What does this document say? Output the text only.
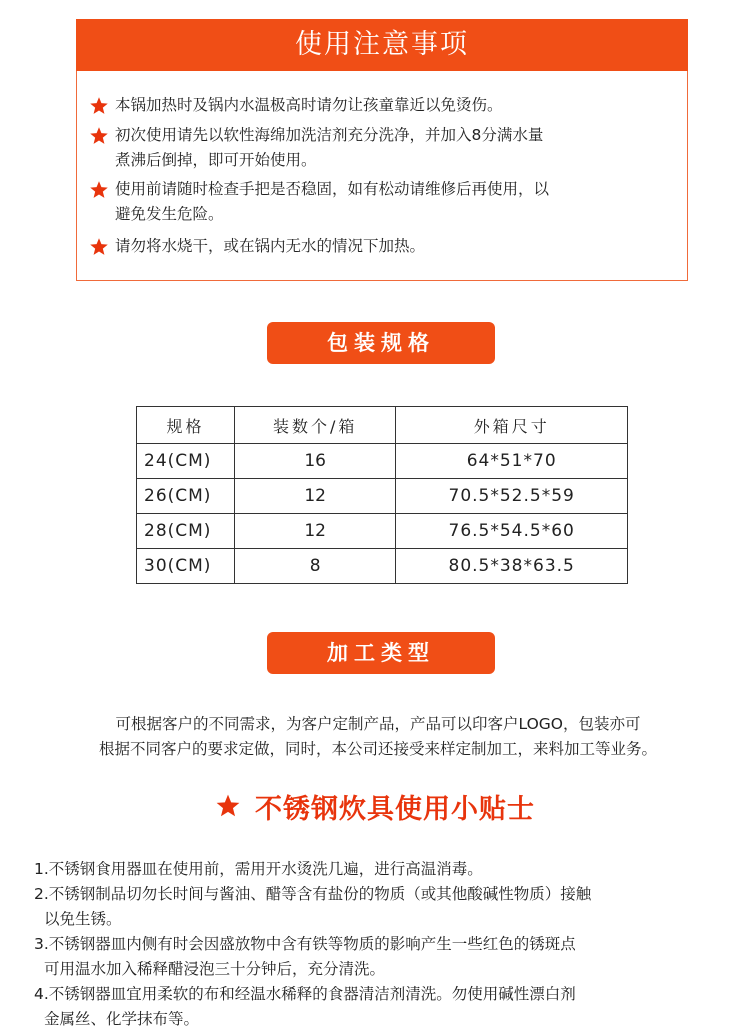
使用注意事项
本锅加热时及锅内水温极高时请勿让孩童靠近以免烫伤。
初次使用请先以软性海绵加洗洁剂充分洗净，并加入8分满水量
煮沸后倒掉，即可开始使用。
使用前请随时检查手把是否稳固，如有松动请维修后再使用，以
避免发生危险。
请勿将水烧干，或在锅内无水的情况下加热。
包装规格
规格	装数个/箱	外箱尺寸
24(CM)	16	64*51*70
26(CM)	12	70.5*52.5*59
28(CM)	12	76.5*54.5*60
30(CM)	8	80.5*38*63.5
加工类型
可根据客户的不同需求，为客户定制产品，产品可以印客户LOGO，包装亦可
根据不同客户的要求定做，同时，本公司还接受来样定制加工，来料加工等业务。
不锈钢炊具使用小贴士
1.不锈钢食用器皿在使用前，需用开水烫洗几遍，进行高温消毒。
2.不锈钢制品切勿长时间与酱油、醋等含有盐份的物质（或其他酸碱性物质）接触
以免生锈。
3.不锈钢器皿内侧有时会因盛放物中含有铁等物质的影响产生一些红色的锈斑点
可用温水加入稀释醋浸泡三十分钟后，充分清洗。
4.不锈钢器皿宜用柔软的布和经温水稀释的食器清洁剂清洗。勿使用碱性漂白剂
金属丝、化学抹布等。
